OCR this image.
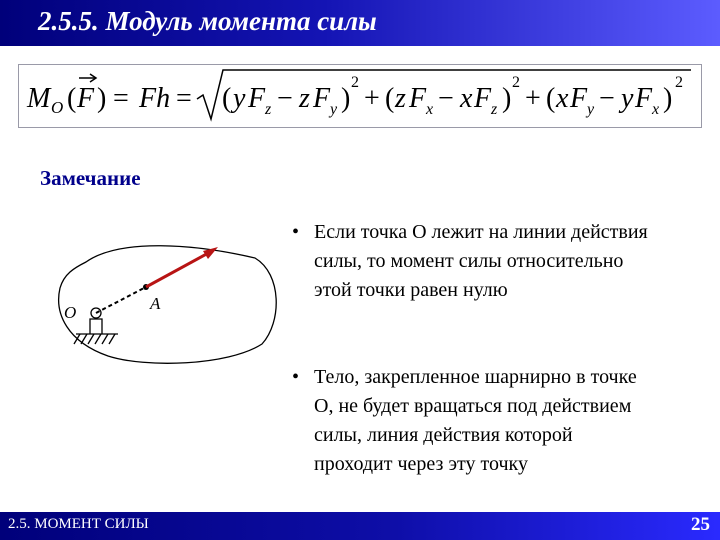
2.5.5. Модуль момента силы
M O ( F ) = Fh = ( y F z − z F y )
2
+ ( z F x − x F z )
2
+ ( x F y − y F x )
2
Замечание
O	A
• Если точка O лежит на линии действия
силы, то момент силы относительно
этой точки равен нулю
• Тело, закрепленное шарнирно в точке
O, не будет вращаться под действием
силы, линия действия которой
проходит через эту точку
2.5. МОМЕНТ СИЛЫ	25
